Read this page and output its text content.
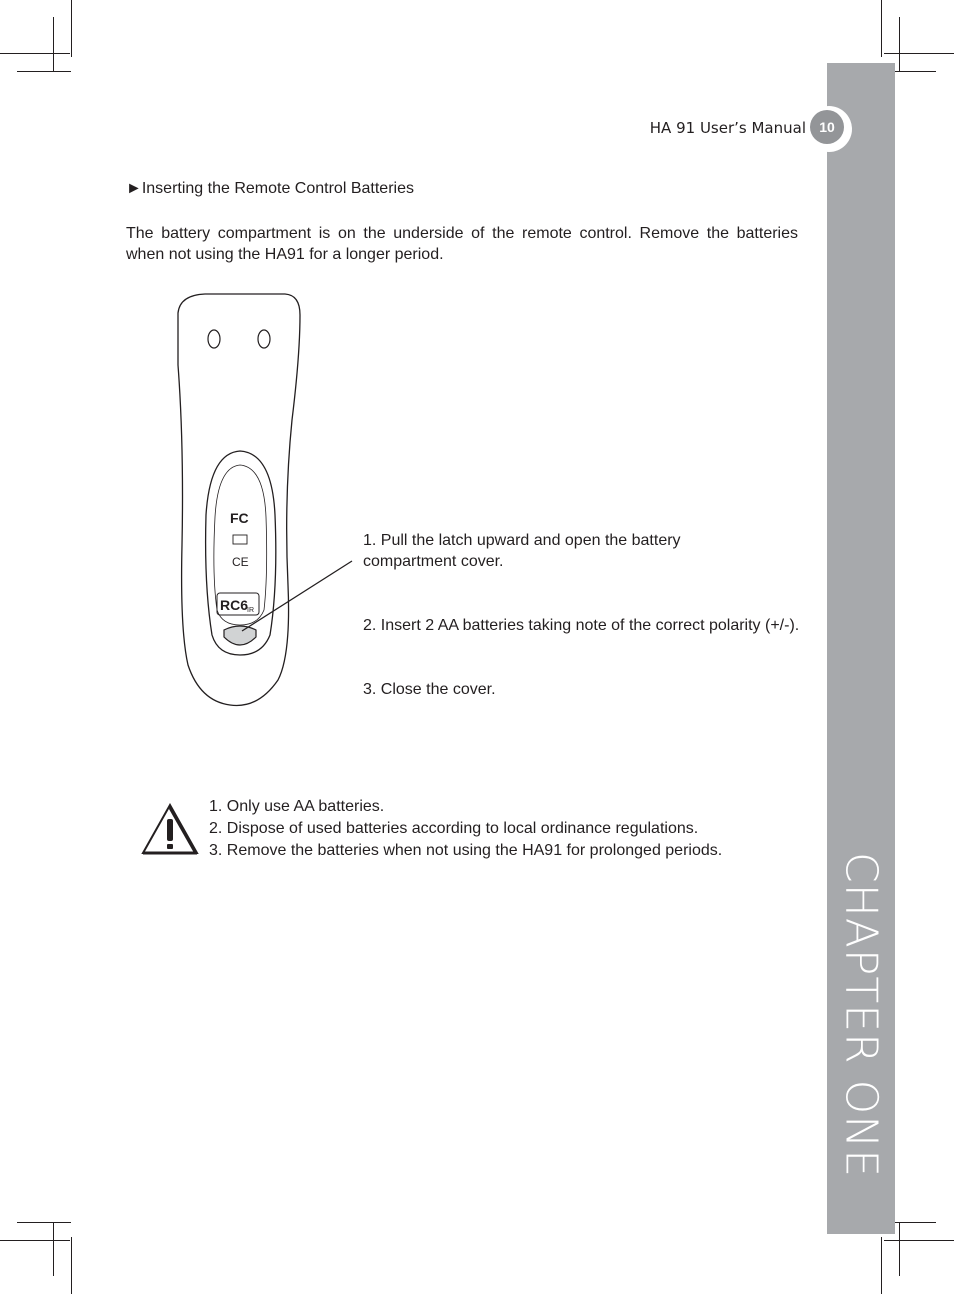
CHAPTER ONE
HA 91 User’s Manual 10
►Inserting the Remote Control Batteries
The battery compartment is on the underside of the remote control. Remove the batteries when not using the HA91 for a longer period.
FC
CE
RC6
IR
1. Pull the latch upward and open the battery compartment cover.
2. Insert 2 AA batteries taking note of the correct polarity (+/-).
3. Close the cover.
1. Only use AA batteries.
2. Dispose of used batteries according to local ordinance regulations.
3. Remove the batteries when not using the HA91 for prolonged periods.
